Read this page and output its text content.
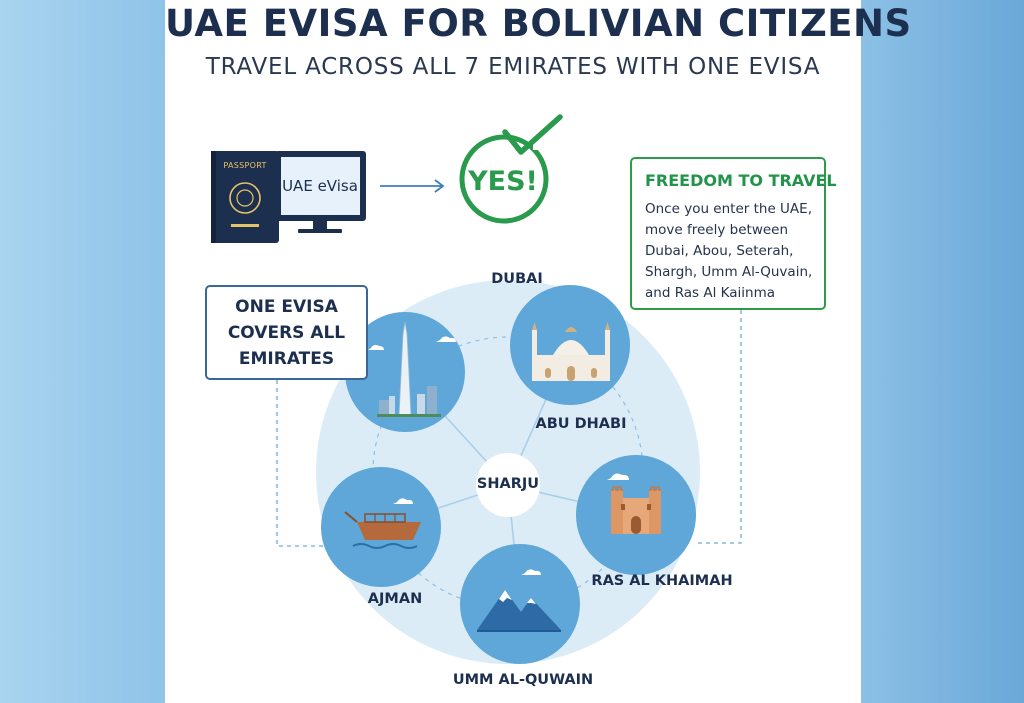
UAE EVISA FOR BOLIVIAN CITIZENS
TRAVEL ACROSS ALL 7 EMIRATES WITH ONE EVISA
PASSPORT
UAE eVisa	YES!	FREEDOM TO TRAVEL
Once you enter the UAE,
move freely between
Dubai, Abou, Seterah,
Shargh, Umm Al-Quvain,
and Ras Al Kaiinma
ONE EVISA COVERS ALL EMIRATES
DUBAI
ABU DHABI
SHARJU
AJMAN
RAS AL KHAIMAH
UMM AL-QUWAIN
